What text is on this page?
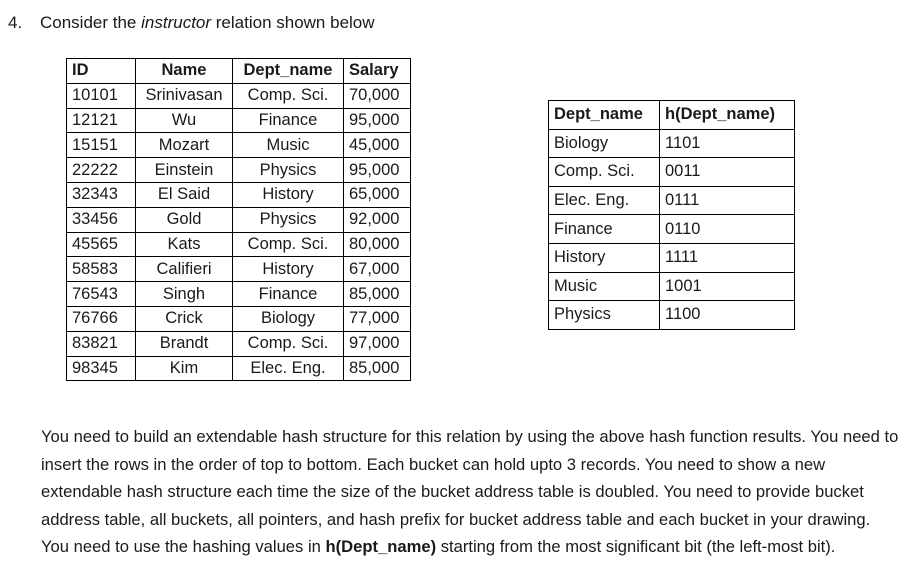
4. Consider the instructor relation shown below
ID	Name	Dept_name	Salary
10101	Srinivasan	Comp. Sci.	70,000
12121	Wu	Finance	95,000
15151	Mozart	Music	45,000
22222	Einstein	Physics	95,000
32343	El Said	History	65,000
33456	Gold	Physics	92,000
45565	Kats	Comp. Sci.	80,000
58583	Califieri	History	67,000
76543	Singh	Finance	85,000
76766	Crick	Biology	77,000
83821	Brandt	Comp. Sci.	97,000
98345	Kim	Elec. Eng.	85,000
Dept_name	h(Dept_name)
Biology	1101
Comp. Sci.	0011
Elec. Eng.	0111
Finance	0110
History	1111
Music	1001
Physics	1100

You need to build an extendable hash structure for this relation by using the above hash function results. You need to insert the rows in the order of top to bottom. Each bucket can hold upto 3 records. You need to show a new extendable hash structure each time the size of the bucket address table is doubled. You need to provide bucket address table, all buckets, all pointers, and hash prefix for bucket address table and each bucket in your drawing. You need to use the hashing values in h(Dept_name) starting from the most significant bit (the left-most bit).
